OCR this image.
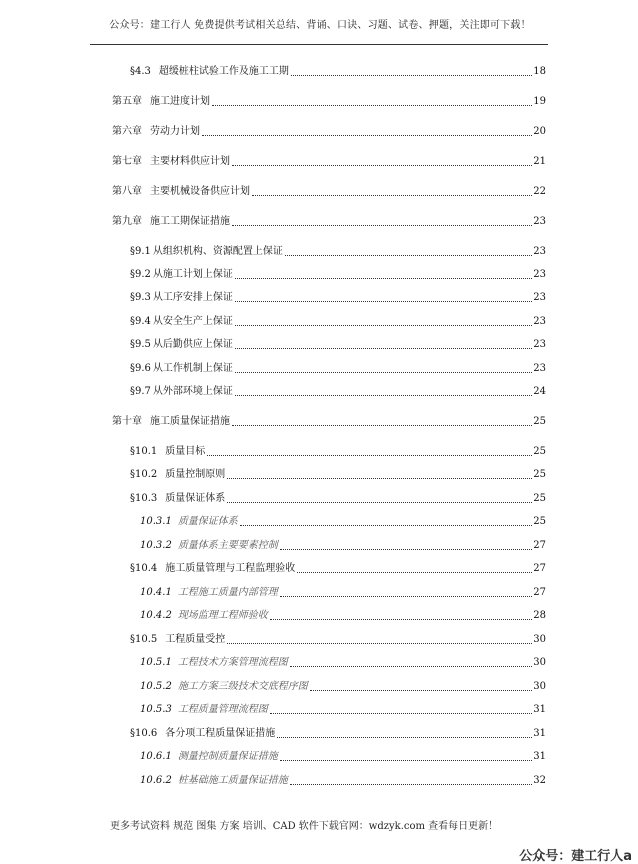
公众号：建工行人 免费提供考试相关总结、背诵、口诀、习题、试卷、押题，关注即可下载！
§4.3 超缓桩柱试验工作及施工工期	18
第五章 施工进度计划	19
第六章 劳动力计划	20
第七章 主要材料供应计划	21
第八章 主要机械设备供应计划	22
第九章 施工工期保证措施	23
§9.1 从组织机构、资源配置上保证	23
§9.2 从施工计划上保证	23
§9.3 从工序安排上保证	23
§9.4 从安全生产上保证	23
§9.5 从后勤供应上保证	23
§9.6 从工作机制上保证	23
§9.7 从外部环境上保证	24
第十章 施工质量保证措施	25
§10.1 质量目标	25
§10.2 质量控制原则	25
§10.3 质量保证体系	25
10.3.1 质量保证体系	25
10.3.2 质量体系主要要素控制	27
§10.4 施工质量管理与工程监理验收	27
10.4.1 工程施工质量内部管理	27
10.4.2 现场监理工程师验收	28
§10.5 工程质量受控	30
10.5.1 工程技术方案管理流程图	30
10.5.2 施工方案三级技术交底程序图	30
10.5.3 工程质量管理流程图	31
§10.6 各分项工程质量保证措施	31
10.6.1 测量控制质量保证措施	31
10.6.2 桩基础施工质量保证措施	32
更多考试资料 规范 图集 方案 培训、CAD 软件下载官网：wdzyk.com 查看每日更新！
公众号：建工行人a
